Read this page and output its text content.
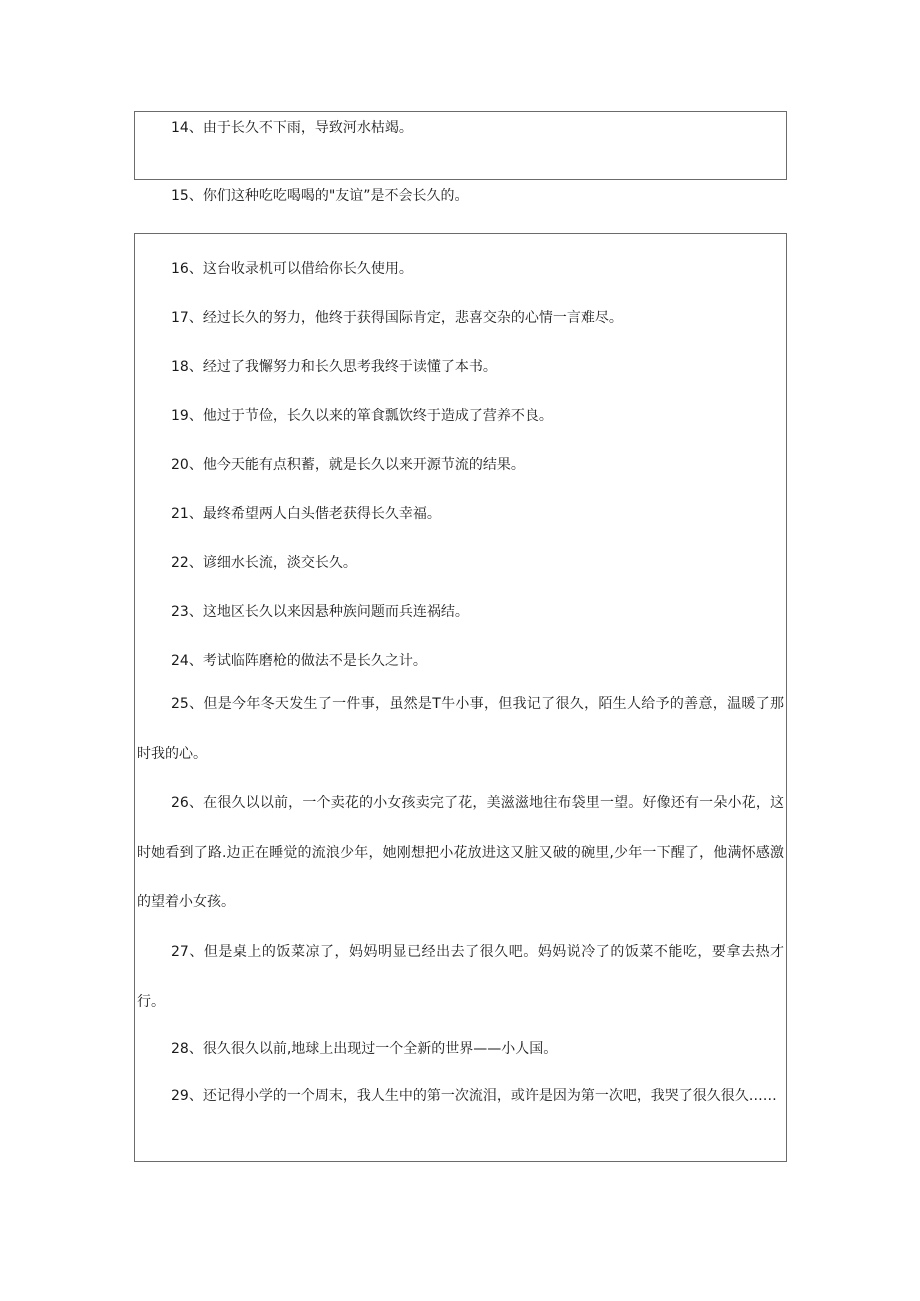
14、由于长久不下雨，导致河水枯竭。

15、你们这种吃吃喝喝的"友谊”是不会长久的。

16、这台收录机可以借给你长久使用。

17、经过长久的努力，他终于获得国际肯定，悲喜交杂的心情一言难尽。

18、经过了我懈努力和长久思考我终于读懂了本书。

19、他过于节俭，长久以来的箪食瓢饮终于造成了营养不良。

20、他今天能有点积蓄，就是长久以来开源节流的结果。

21、最终希望两人白头偕老获得长久幸福。

22、谚细水长流，淡交长久。

23、这地区长久以来因悬种族问题而兵连祸结。

24、考试临阵磨枪的做法不是长久之计。

25、但是今年冬天发生了一件事，虽然是T牛小事，但我记了很久，陌生人给予的善意，温暖了那时我的心。

26、在很久以以前，一个卖花的小女孩卖完了花，美滋滋地往布袋里一望。好像还有一朵小花，这时她看到了路.边正在睡觉的流浪少年，她刚想把小花放进这又脏又破的碗里,少年一下醒了，他满怀感激的望着小女孩。

27、但是桌上的饭菜凉了，妈妈明显已经出去了很久吧。妈妈说冷了的饭菜不能吃，要拿去热才行。

28、很久很久以前,地球上出现过一个全新的世界——小人国。

29、还记得小学的一个周末，我人生中的第一次流泪，或许是因为第一次吧，我哭了很久很久……
